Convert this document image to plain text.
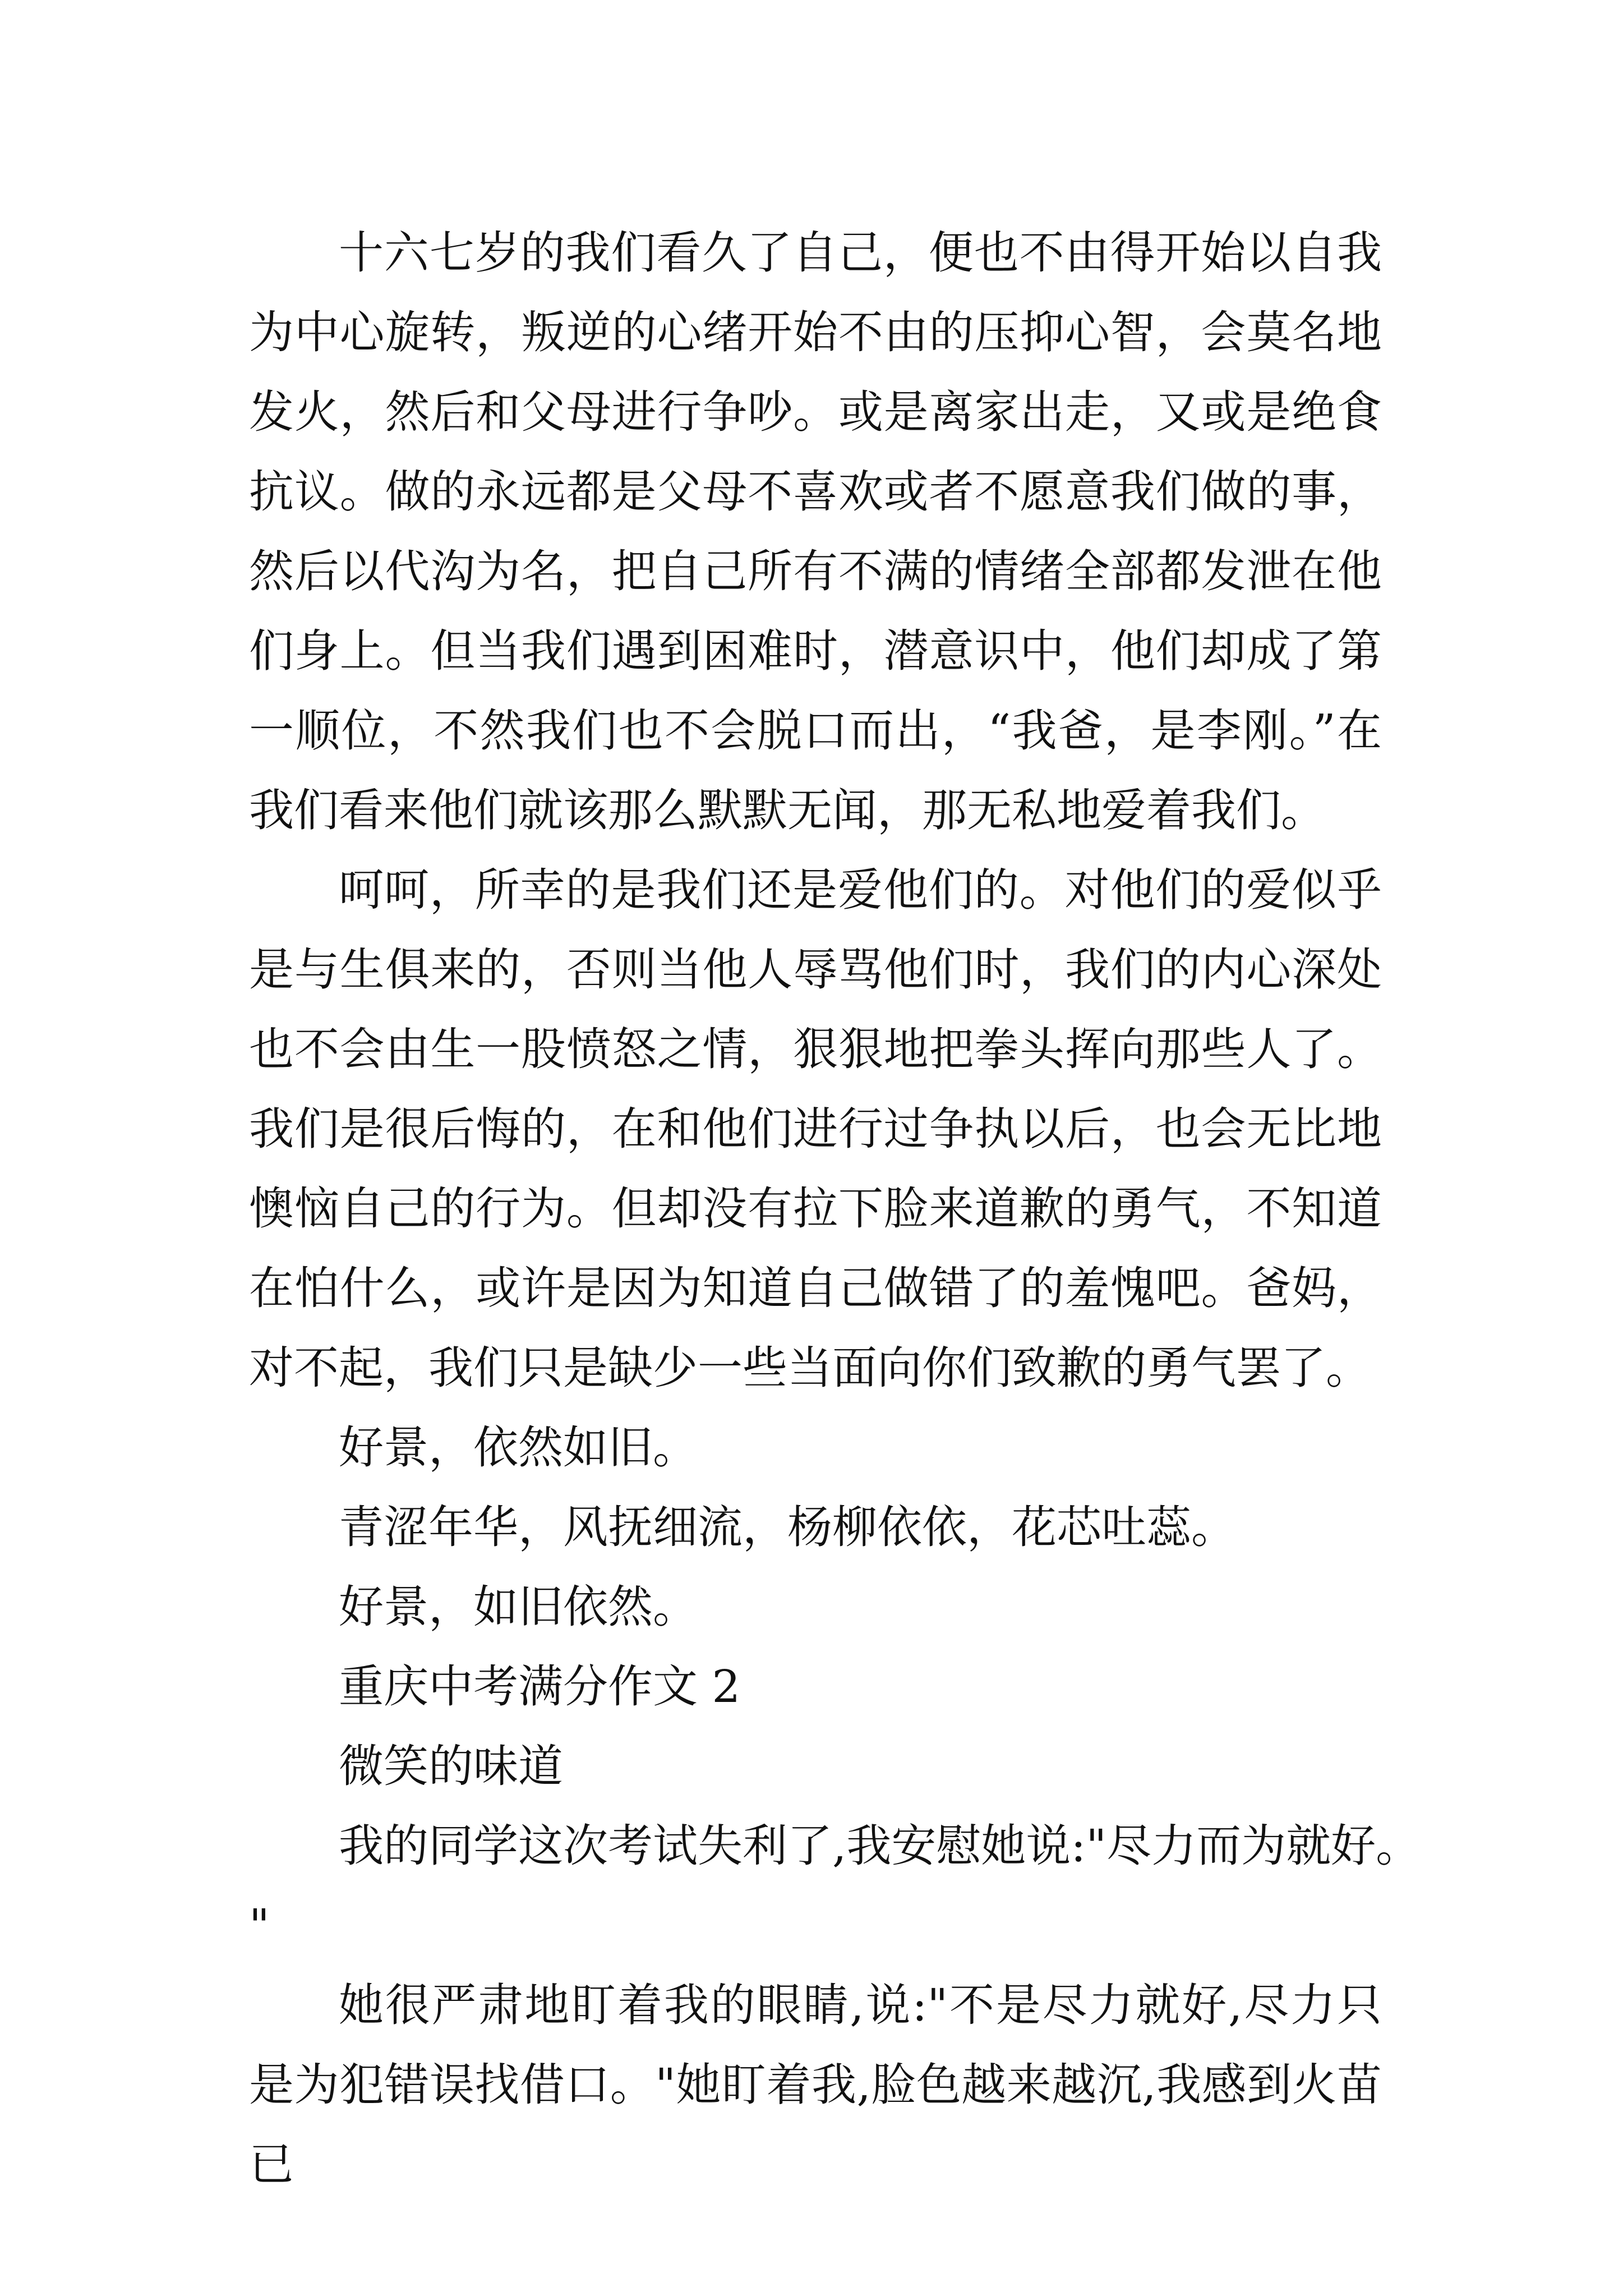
十六七岁的我们看久了自己，便也不由得开始以自我为中心旋转，叛逆的心绪开始不由的压抑心智，会莫名地发火，然后和父母进行争吵。或是离家出走，又或是绝食抗议。做的永远都是父母不喜欢或者不愿意我们做的事，然后以代沟为名，把自己所有不满的情绪全部都发泄在他们身上。但当我们遇到困难时，潜意识中，他们却成了第一顺位，不然我们也不会脱口而出，“我爸，是李刚。”在我们看来他们就该那么默默无闻，那无私地爱着我们。

呵呵，所幸的是我们还是爱他们的。对他们的爱似乎是与生俱来的，否则当他人辱骂他们时，我们的内心深处也不会由生一股愤怒之情，狠狠地把拳头挥向那些人了。我们是很后悔的，在和他们进行过争执以后，也会无比地懊恼自己的行为。但却没有拉下脸来道歉的勇气，不知道在怕什么，或许是因为知道自己做错了的羞愧吧。爸妈，对不起，我们只是缺少一些当面向你们致歉的勇气罢了。

好景，依然如旧。

青涩年华，风抚细流，杨柳依依，花芯吐蕊。

好景，如旧依然。

重庆中考满分作文 2

微笑的味道

我的同学这次考试失利了,我安慰她说:"尽力而为就好。

"

她很严肃地盯着我的眼睛,说:"不是尽力就好,尽力只是为犯错误找借口。"她盯着我,脸色越来越沉,我感到火苗已
